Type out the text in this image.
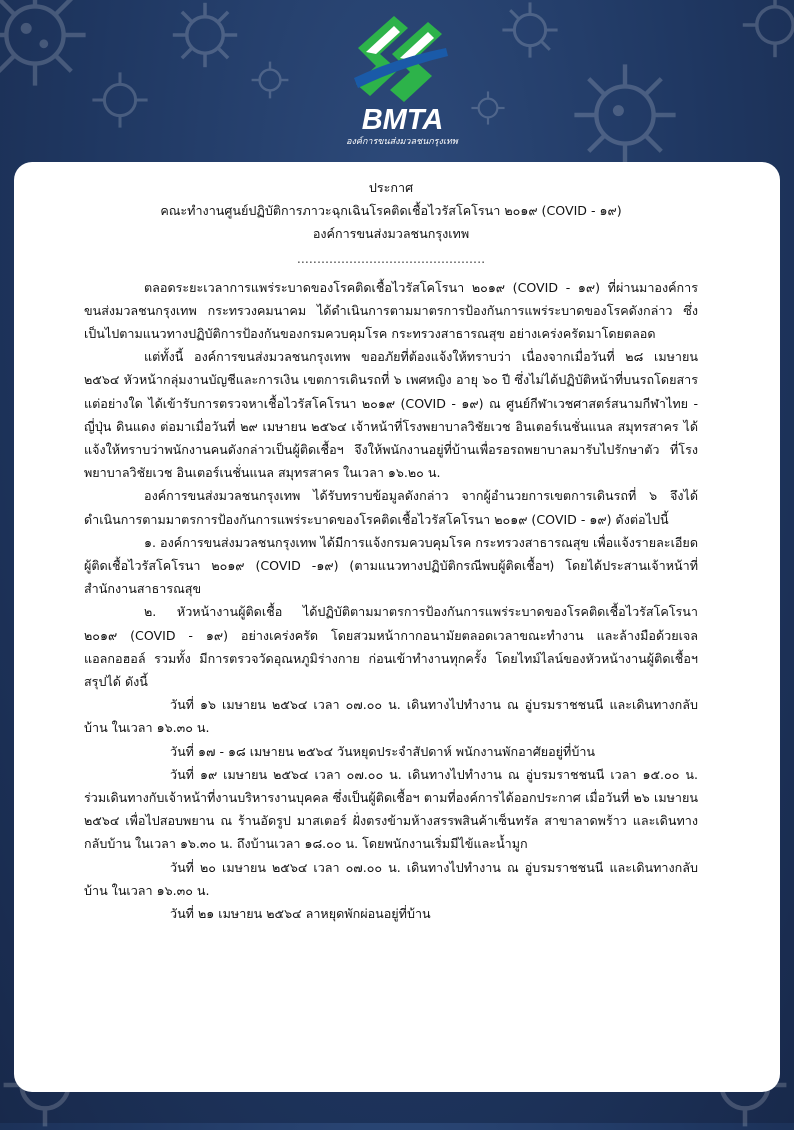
BMTA
องค์การขนส่งมวลชนกรุงเทพ
ประกาศ
คณะทำงานศูนย์ปฏิบัติการภาวะฉุกเฉินโรคติดเชื้อไวรัสโคโรนา ๒๐๑๙ (COVID - ๑๙)
องค์การขนส่งมวลชนกรุงเทพ
...............................................

ตลอดระยะเวลาการแพร่ระบาดของโรคติดเชื้อไวรัสโคโรนา ๒๐๑๙ (COVID - ๑๙) ที่ผ่านมาองค์การขนส่งมวลชนกรุงเทพ กระทรวงคมนาคม ได้ดำเนินการตามมาตรการป้องกันการแพร่ระบาดของโรคดังกล่าว ซึ่งเป็นไปตามแนวทางปฏิบัติการป้องกันของกรมควบคุมโรค กระทรวงสาธารณสุข อย่างเคร่งครัดมาโดยตลอด

แต่ทั้งนี้ องค์การขนส่งมวลชนกรุงเทพ ขออภัยที่ต้องแจ้งให้ทราบว่า เนื่องจากเมื่อวันที่ ๒๘ เมษายน ๒๕๖๔ หัวหน้ากลุ่มงานบัญชีและการเงิน เขตการเดินรถที่ ๖ เพศหญิง อายุ ๖๐ ปี ซึ่งไม่ได้ปฏิบัติหน้าที่บนรถโดยสารแต่อย่างใด ได้เข้ารับการตรวจหาเชื้อไวรัสโคโรนา ๒๐๑๙ (COVID - ๑๙) ณ ศูนย์กีฬาเวชศาสตร์สนามกีฬาไทย - ญี่ปุ่น ดินแดง ต่อมาเมื่อวันที่ ๒๙ เมษายน ๒๕๖๔ เจ้าหน้าที่โรงพยาบาลวิชัยเวช อินเตอร์เนชั่นแนล สมุทรสาคร ได้แจ้งให้ทราบว่าพนักงานคนดังกล่าวเป็นผู้ติดเชื้อฯ จึงให้พนักงานอยู่ที่บ้านเพื่อรอรถพยาบาลมารับไปรักษาตัว ที่โรงพยาบาลวิชัยเวช อินเตอร์เนชั่นแนล สมุทรสาคร ในเวลา ๑๖.๒๐ น.

องค์การขนส่งมวลชนกรุงเทพ ได้รับทราบข้อมูลดังกล่าว จากผู้อำนวยการเขตการเดินรถที่ ๖ จึงได้ดำเนินการตามมาตรการป้องกันการแพร่ระบาดของโรคติดเชื้อไวรัสโคโรนา ๒๐๑๙ (COVID - ๑๙) ดังต่อไปนี้

๑. องค์การขนส่งมวลชนกรุงเทพ ได้มีการแจ้งกรมควบคุมโรค กระทรวงสาธารณสุข เพื่อแจ้งรายละเอียดผู้ติดเชื้อไวรัสโคโรนา ๒๐๑๙ (COVID -๑๙) (ตามแนวทางปฏิบัติกรณีพบผู้ติดเชื้อฯ) โดยได้ประสานเจ้าหน้าที่สำนักงานสาธารณสุข

๒. หัวหน้างานผู้ติดเชื้อ ได้ปฏิบัติตามมาตรการป้องกันการแพร่ระบาดของโรคติดเชื้อไวรัสโคโรนา ๒๐๑๙ (COVID - ๑๙) อย่างเคร่งครัด โดยสวมหน้ากากอนามัยตลอดเวลาขณะทำงาน และล้างมือด้วยเจลแอลกอฮอล์ รวมทั้ง มีการตรวจวัดอุณหภูมิร่างกาย ก่อนเข้าทำงานทุกครั้ง โดยไทม์ไลน์ของหัวหน้างานผู้ติดเชื้อฯ สรุปได้ ดังนี้

วันที่ ๑๖ เมษายน ๒๕๖๔ เวลา ๐๗.๐๐ น. เดินทางไปทำงาน ณ อู่บรมราชชนนี และเดินทางกลับบ้าน ในเวลา ๑๖.๓๐ น.

วันที่ ๑๗ - ๑๘ เมษายน ๒๕๖๔ วันหยุดประจำสัปดาห์ พนักงานพักอาศัยอยู่ที่บ้าน

วันที่ ๑๙ เมษายน ๒๕๖๔ เวลา ๐๗.๐๐ น. เดินทางไปทำงาน ณ อู่บรมราชชนนี เวลา ๑๕.๐๐ น. ร่วมเดินทางกับเจ้าหน้าที่งานบริหารงานบุคคล ซึ่งเป็นผู้ติดเชื้อฯ ตามที่องค์การได้ออกประกาศ เมื่อวันที่ ๒๖ เมษายน ๒๕๖๔ เพื่อไปสอบพยาน ณ ร้านอัดรูป มาสเตอร์ ฝั่งตรงข้ามห้างสรรพสินค้าเซ็นทรัล สาขาลาดพร้าว และเดินทางกลับบ้าน ในเวลา ๑๖.๓๐ น. ถึงบ้านเวลา ๑๘.๐๐ น. โดยพนักงานเริ่มมีไข้และน้ำมูก

วันที่ ๒๐ เมษายน ๒๕๖๔ เวลา ๐๗.๐๐ น. เดินทางไปทำงาน ณ อู่บรมราชชนนี และเดินทางกลับบ้าน ในเวลา ๑๖.๓๐ น.

วันที่ ๒๑ เมษายน ๒๕๖๔ ลาหยุดพักผ่อนอยู่ที่บ้าน
